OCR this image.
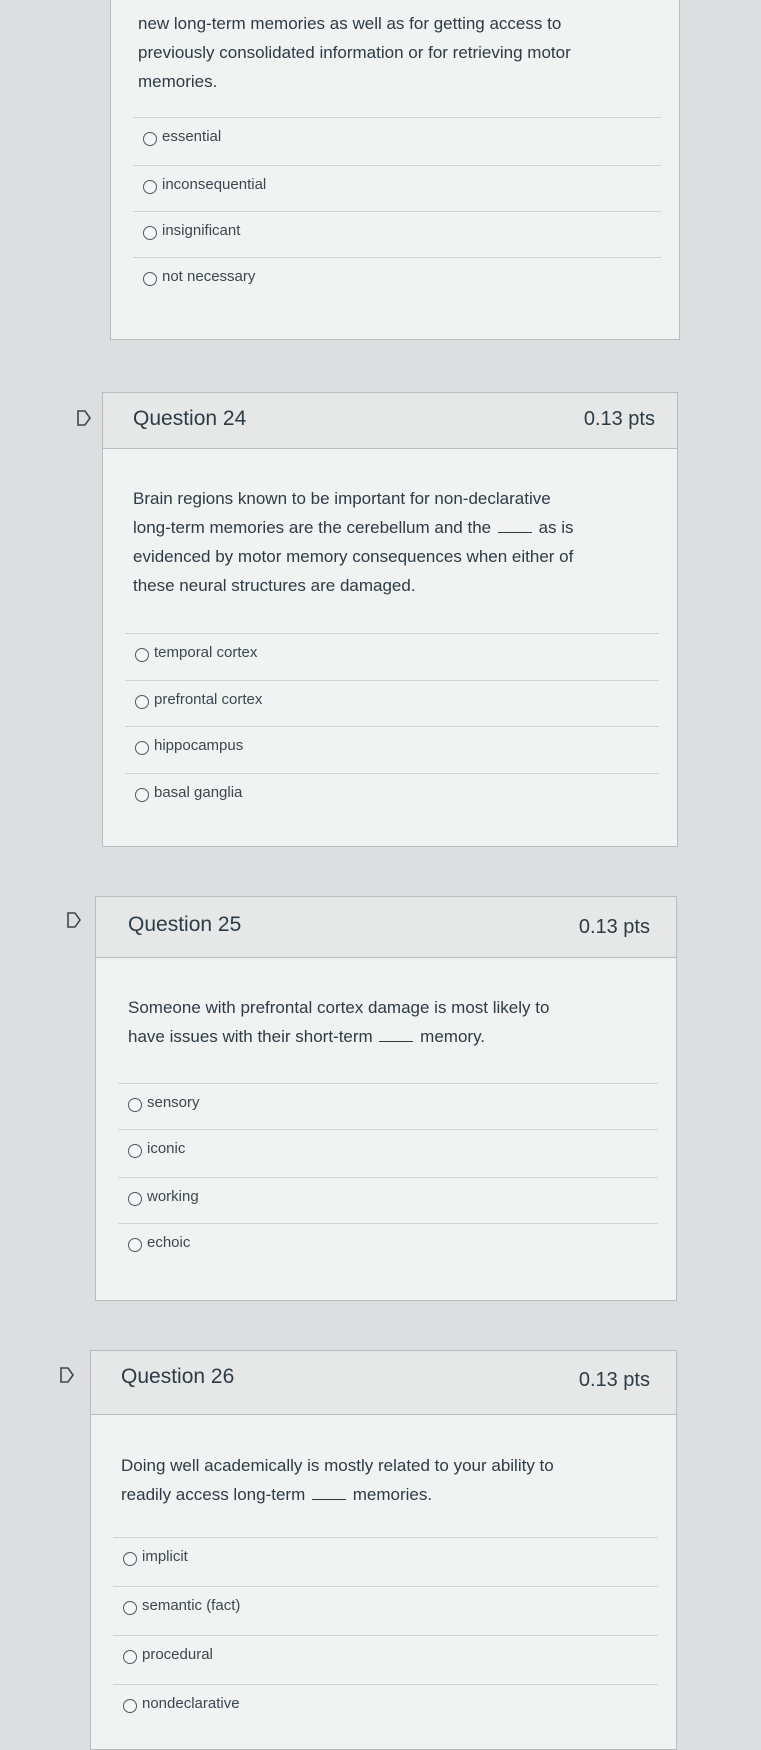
new long-term memories as well as for getting access to
previously consolidated information or for retrieving motor
memories.
essential
inconsequential
insignificant
not necessary
Question 24	0.13 pts
Brain regions known to be important for non-declarative
long-term memories are the cerebellum and the	as is
evidenced by motor memory consequences when either of
these neural structures are damaged.
temporal cortex
prefrontal cortex
hippocampus
basal ganglia
Question 25	0.13 pts
Someone with prefrontal cortex damage is most likely to
have issues with their short-term	memory.
sensory
iconic
working
echoic
Question 26	0.13 pts
Doing well academically is mostly related to your ability to
readily access long-term	memories.
implicit
semantic (fact)
procedural
nondeclarative
